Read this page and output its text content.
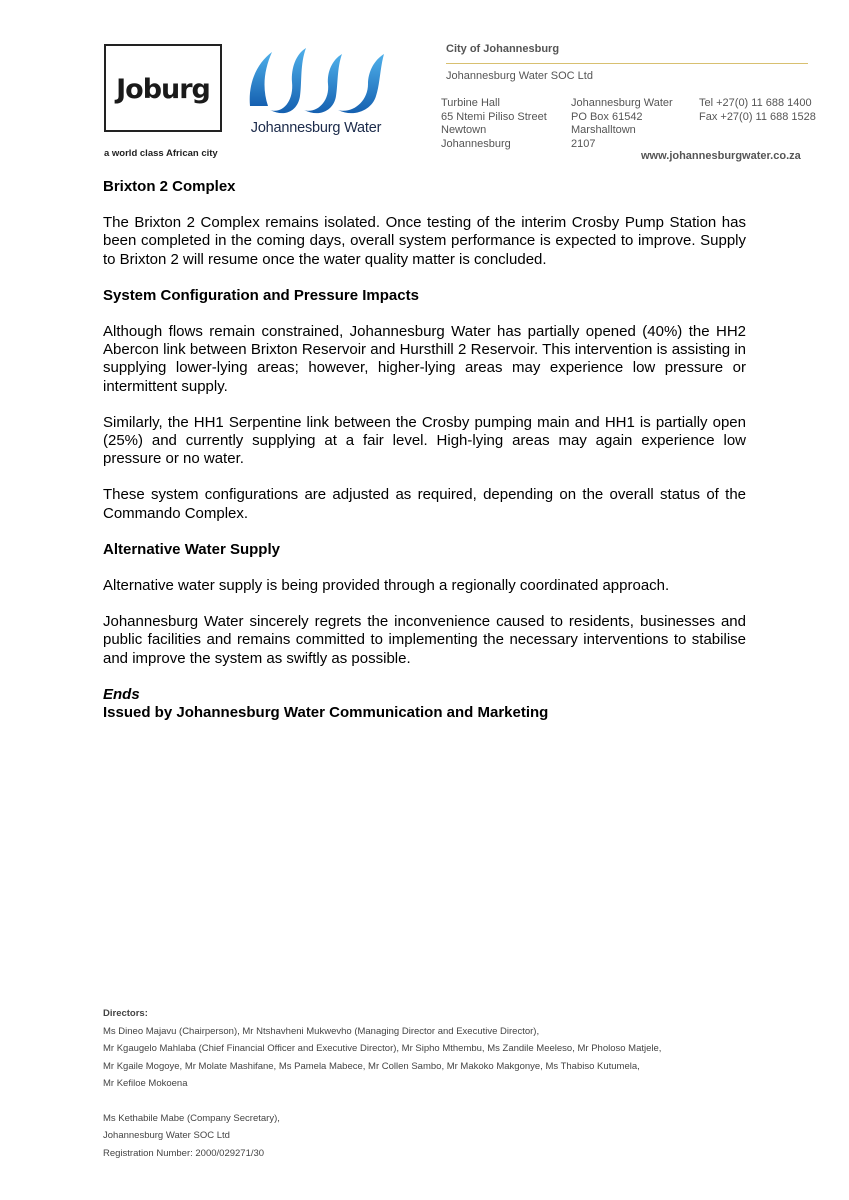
Joburg
a world class African city
Johannesburg Water
City of Johannesburg
Johannesburg Water SOC Ltd
Turbine Hall
65 Ntemi Piliso Street
Newtown
Johannesburg
Johannesburg Water
PO Box 61542
Marshalltown
2107
Tel +27(0) 11 688 1400
Fax +27(0) 11 688 1528
www.johannesburgwater.co.za

Brixton 2 Complex

The Brixton 2 Complex remains isolated. Once testing of the interim Crosby Pump Station has been completed in the coming days, overall system performance is expected to improve. Supply to Brixton 2 will resume once the water quality matter is concluded.

System Configuration and Pressure Impacts

Although flows remain constrained, Johannesburg Water has partially opened (40%) the HH2 Abercon link between Brixton Reservoir and Hursthill 2 Reservoir. This intervention is assisting in supplying lower-lying areas; however, higher-lying areas may experience low pressure or intermittent supply.

Similarly, the HH1 Serpentine link between the Crosby pumping main and HH1 is partially open (25%) and currently supplying at a fair level. High-lying areas may again experience low pressure or no water.

These system configurations are adjusted as required, depending on the overall status of the Commando Complex.

Alternative Water Supply

Alternative water supply is being provided through a regionally coordinated approach.

Johannesburg Water sincerely regrets the inconvenience caused to residents, businesses and public facilities and remains committed to implementing the necessary interventions to stabilise and improve the system as swiftly as possible.

Ends

Issued by Johannesburg Water Communication and Marketing

Directors:
Ms Dineo Majavu (Chairperson), Mr Ntshavheni Mukwevho (Managing Director and Executive Director),
Mr Kgaugelo Mahlaba (Chief Financial Officer and Executive Director), Mr Sipho Mthembu, Ms Zandile Meeleso, Mr Pholoso Matjele,
Mr Kgaile Mogoye, Mr Molate Mashifane, Ms Pamela Mabece, Mr Collen Sambo, Mr Makoko Makgonye, Ms Thabiso Kutumela,
Mr Kefiloe Mokoena
Ms Kethabile Mabe (Company Secretary),
Johannesburg Water SOC Ltd
Registration Number: 2000/029271/30
